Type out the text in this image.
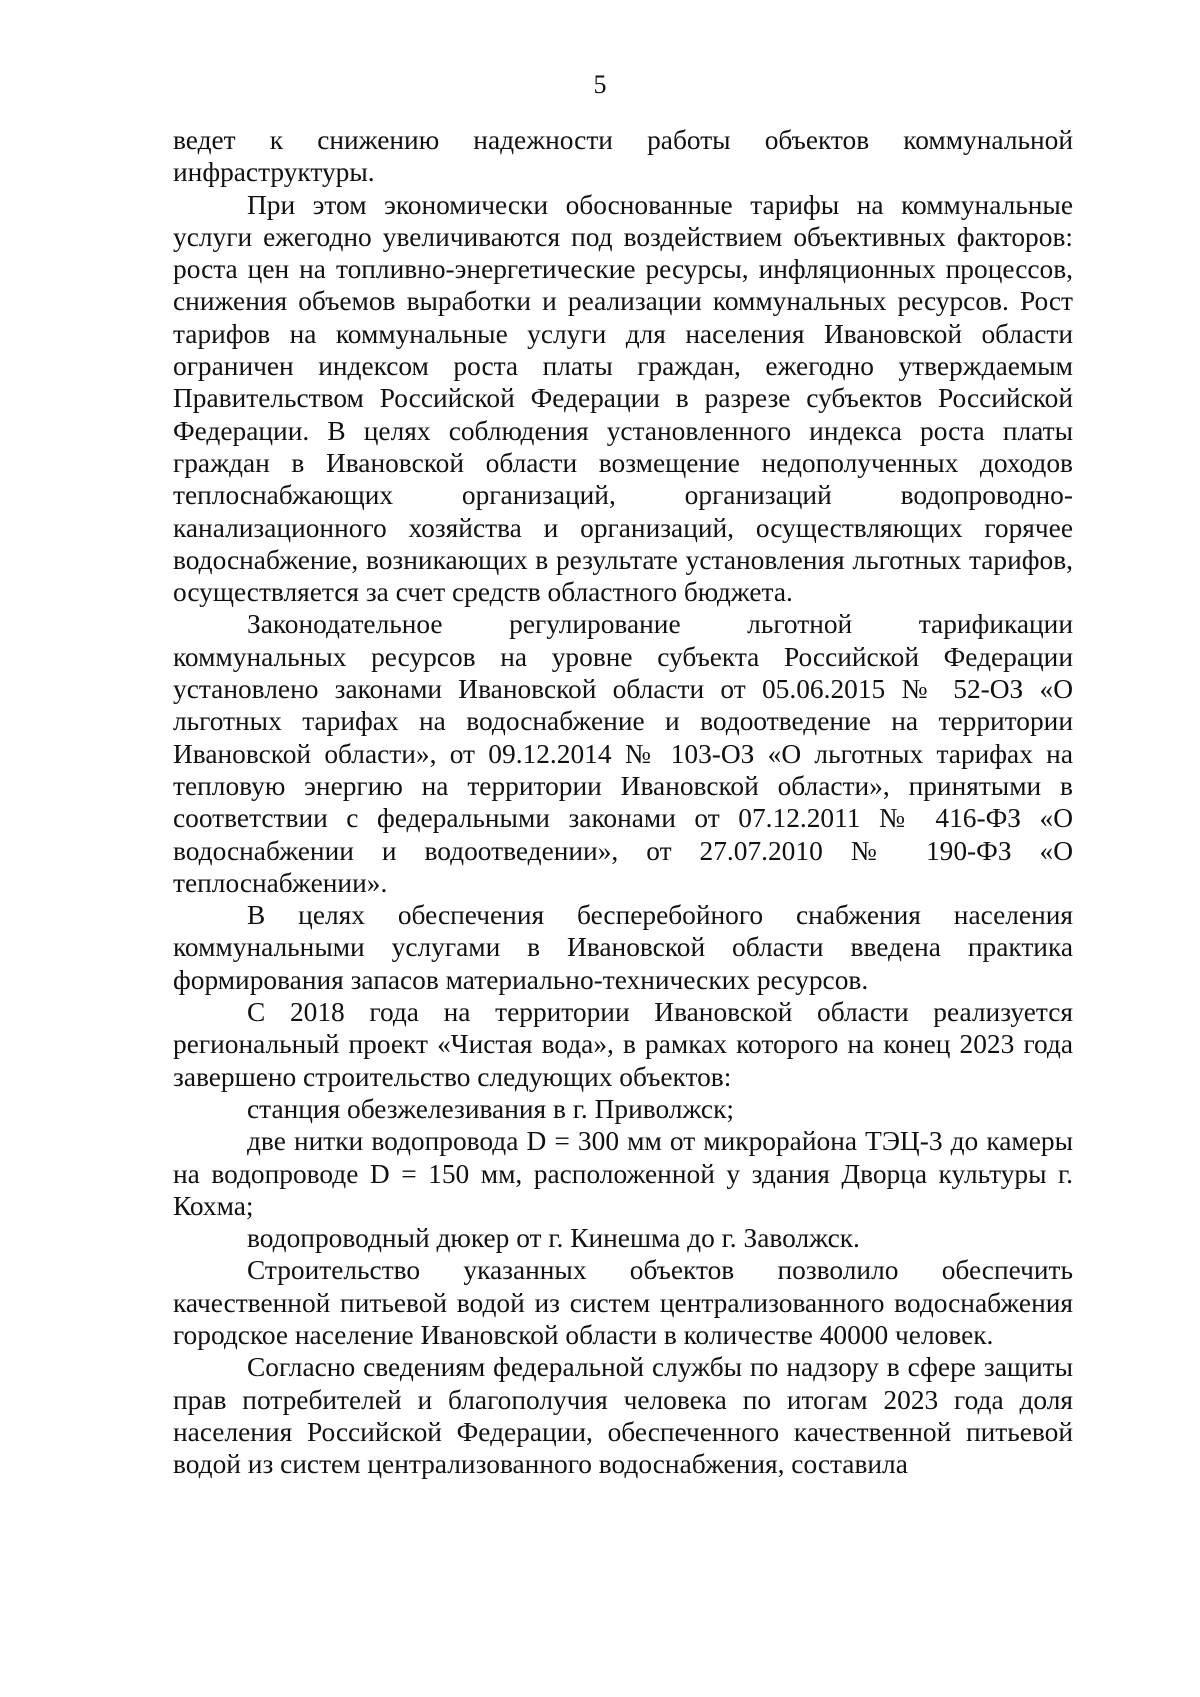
5

ведет к снижению надежности работы объектов коммунальной инфраструктуры.

При этом экономически обоснованные тарифы на коммунальные услуги ежегодно увеличиваются под воздействием объективных факторов: роста цен на топливно-энергетические ресурсы, инфляционных процессов, снижения объемов выработки и реализации коммунальных ресурсов. Рост тарифов на коммунальные услуги для населения Ивановской области ограничен индексом роста платы граждан, ежегодно утверждаемым Правительством Российской Федерации в разрезе субъектов Российской Федерации. В целях соблюдения установленного индекса роста платы граждан в Ивановской области возмещение недополученных доходов теплоснабжающих организаций, организаций водопроводно-канализационного хозяйства и организаций, осуществляющих горячее водоснабжение, возникающих в результате установления льготных тарифов, осуществляется за счет средств областного бюджета.

Законодательное регулирование льготной тарификации коммунальных ресурсов на уровне субъекта Российской Федерации установлено законами Ивановской области от 05.06.2015 № 52-ОЗ «О льготных тарифах на водоснабжение и водоотведение на территории Ивановской области», от 09.12.2014 № 103-ОЗ «О льготных тарифах на тепловую энергию на территории Ивановской области», принятыми в соответствии с федеральными законами от 07.12.2011 № 416-ФЗ «О водоснабжении и водоотведении», от 27.07.2010 № 190-ФЗ «О теплоснабжении».

В целях обеспечения бесперебойного снабжения населения коммунальными услугами в Ивановской области введена практика формирования запасов материально-технических ресурсов.

С 2018 года на территории Ивановской области реализуется региональный проект «Чистая вода», в рамках которого на конец 2023 года завершено строительство следующих объектов:

станция обезжелезивания в г. Приволжск;

две нитки водопровода D = 300 мм от микрорайона ТЭЦ-3 до камеры на водопроводе D = 150 мм, расположенной у здания Дворца культуры г. Кохма;

водопроводный дюкер от г. Кинешма до г. Заволжск.

Строительство указанных объектов позволило обеспечить качественной питьевой водой из систем централизованного водоснабжения городское население Ивановской области в количестве 40000 человек.

Согласно сведениям федеральной службы по надзору в сфере защиты прав потребителей и благополучия человека по итогам 2023 года доля населения Российской Федерации, обеспеченного качественной питьевой водой из систем централизованного водоснабжения, составила
